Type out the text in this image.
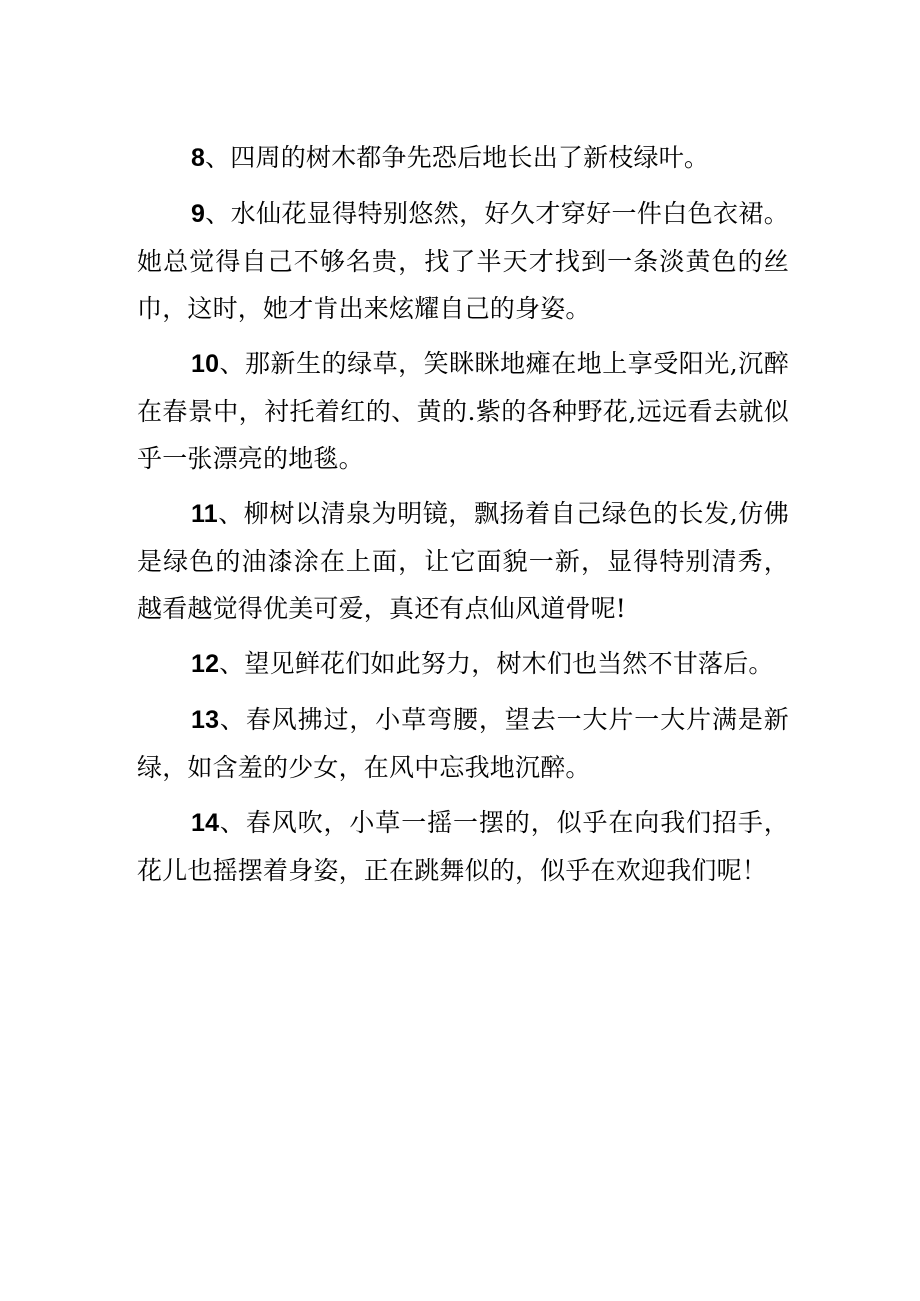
8、四周的树木都争先恐后地长出了新枝绿叶。

9、水仙花显得特别悠然，好久才穿好一件白色衣裙。她总觉得自己不够名贵，找了半天才找到一条淡黄色的丝巾，这时，她才肯出来炫耀自己的身姿。

10、那新生的绿草，笑眯眯地瘫在地上享受阳光,沉醉在春景中，衬托着红的、黄的.紫的各种野花,远远看去就似乎一张漂亮的地毯。

11、柳树以清泉为明镜，飘扬着自己绿色的长发,仿佛是绿色的油漆涂在上面，让它面貌一新，显得特别清秀，越看越觉得优美可爱，真还有点仙风道骨呢!

12、望见鲜花们如此努力，树木们也当然不甘落后。

13、春风拂过，小草弯腰，望去一大片一大片满是新绿，如含羞的少女，在风中忘我地沉醉。

14、春风吹，小草一摇一摆的，似乎在向我们招手，花儿也摇摆着身姿，正在跳舞似的，似乎在欢迎我们呢！
